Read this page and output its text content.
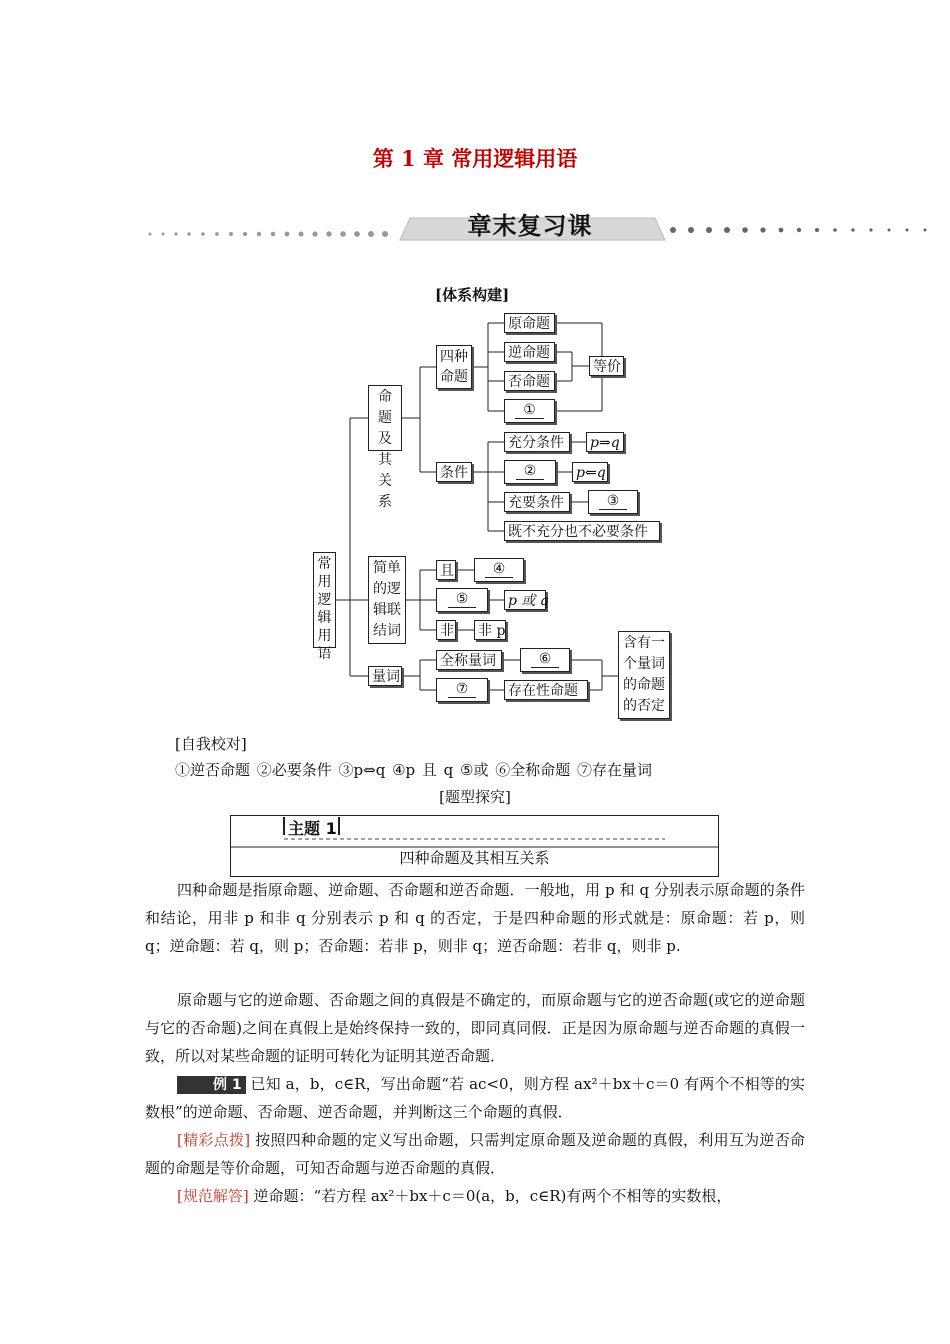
第 1 章 常用逻辑用语
章末复习课
[体系构建]
常用逻辑用语
命题及其关系
四种命题
原命题
逆命题
否命题
①
等价
条件
充分条件	p⇒q
②	p⇐q
充要条件	③
既不充分也不必要条件
简单的逻辑联结词
且	④
⑤	p 或 q
非 非 p
量词
全称量词	⑥
⑦	存在性命题
含有一个量词的命题的否定
[自我校对]
①逆否命题 ②必要条件 ③p⇔q ④p 且 q ⑤或 ⑥全称命题 ⑦存在量词
[题型探究]
主题 1
四种命题及其相互关系
四种命题是指原命题、逆命题、否命题和逆否命题．一般地，用 p 和 q 分别表示原命题的条件和结论，用非 p 和非 q 分别表示 p 和 q 的否定，于是四种命题的形式就是：原命题：若 p，则 q；逆命题：若 q，则 p；否命题：若非 p，则非 q；逆否命题：若非 q，则非 p.
原命题与它的逆命题、否命题之间的真假是不确定的，而原命题与它的逆否命题(或它的逆命题与它的否命题)之间在真假上是始终保持一致的，即同真同假．正是因为原命题与逆否命题的真假一致，所以对某些命题的证明可转化为证明其逆否命题．
例 1 已知 a，b，c∈R，写出命题“若 ac<0，则方程 ax²＋bx＋c＝0 有两个不相等的实数根”的逆命题、否命题、逆否命题，并判断这三个命题的真假．
[精彩点拨] 按照四种命题的定义写出命题，只需判定原命题及逆命题的真假，利用互为逆否命题的命题是等价命题，可知否命题与逆否命题的真假．
[规范解答] 逆命题：“若方程 ax²＋bx＋c＝0(a，b，c∈R)有两个不相等的实数根，
